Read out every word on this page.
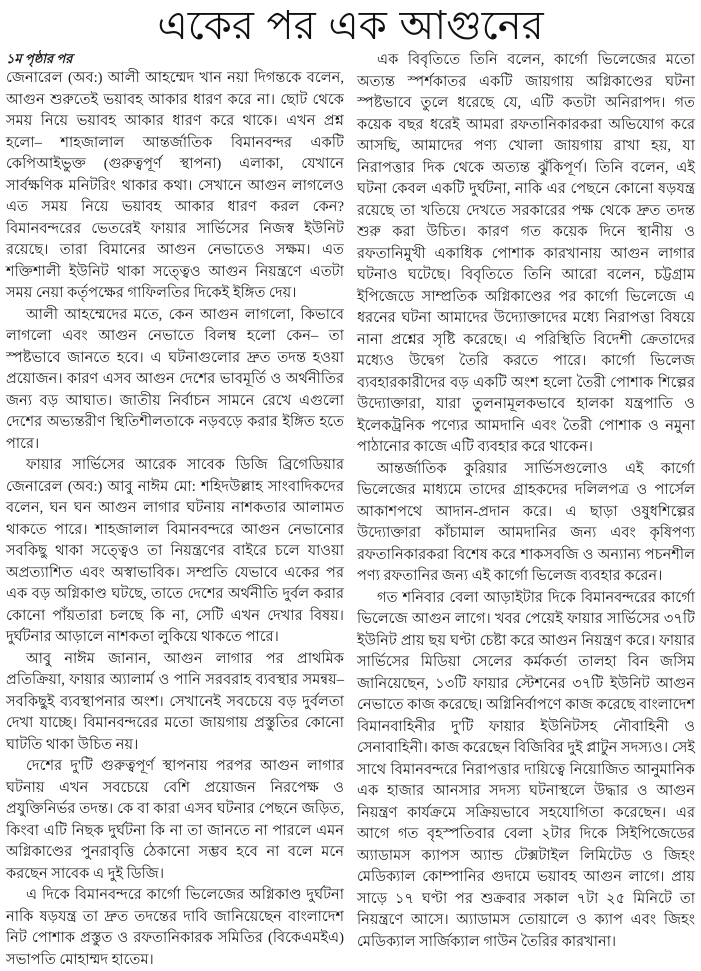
একের পর এক আগুনের
১ম পৃষ্ঠার পর

জেনারেল (অব:) আলী আহম্মেদ খান নয়া দিগন্তকে বলেন, আগুন শুরুতেই ভয়াবহ আকার ধারণ করে না। ছোট থেকে সময় নিয়ে ভয়াবহ আকার ধারণ করে থাকে। এখন প্রশ্ন হলো– শাহজালাল আন্তর্জাতিক বিমানবন্দর একটি কেপিআইভুক্ত (গুরুত্বপূর্ণ স্থাপনা) এলাকা, যেখানে সার্বক্ষণিক মনিটরিং থাকার কথা। সেখানে আগুন লাগলেও এত সময় নিয়ে ভয়াবহ আকার ধারণ করল কেন? বিমানবন্দরের ভেতরেই ফায়ার সার্ভিসের নিজস্ব ইউনিট রয়েছে। তারা বিমানের আগুন নেভাতেও সক্ষম। এত শক্তিশালী ইউনিট থাকা সত্ত্বেও আগুন নিয়ন্ত্রণে এতটা সময় নেয়া কর্তৃপক্ষের গাফিলতির দিকেই ইঙ্গিত দেয়।

আলী আহম্মেদের মতে, কেন আগুন লাগলো, কিভাবে লাগলো এবং আগুন নেভাতে বিলম্ব হলো কেন– তা স্পষ্টভাবে জানতে হবে। এ ঘটনাগুলোর দ্রুত তদন্ত হওয়া প্রয়োজন। কারণ এসব আগুন দেশের ভাবমূর্তি ও অর্থনীতির জন্য বড় আঘাত। জাতীয় নির্বাচন সামনে রেখে এগুলো দেশের অভ্যন্তরীণ স্থিতিশীলতাকে নড়বড়ে করার ইঙ্গিত হতে পারে।

ফায়ার সার্ভিসের আরেক সাবেক ডিজি ব্রিগেডিয়ার জেনারেল (অব:) আবু নাঈম মো: শহিদউল্লাহ সাংবাদিকদের বলেন, ঘন ঘন আগুন লাগার ঘটনায় নাশকতার আলামত থাকতে পারে। শাহজালাল বিমানবন্দরে আগুন নেভানোর সবকিছু থাকা সত্ত্বেও তা নিয়ন্ত্রণের বাইরে চলে যাওয়া অপ্রত্যাশিত এবং অস্বাভাবিক। সম্প্রতি যেভাবে একের পর এক বড় অগ্নিকাণ্ড ঘটছে, তাতে দেশের অর্থনীতি দুর্বল করার কোনো পাঁয়তারা চলছে কি না, সেটি এখন দেখার বিষয়। দুর্ঘটনার আড়ালে নাশকতা লুকিয়ে থাকতে পারে।

আবু নাঈম জানান, আগুন লাগার পর প্রাথমিক প্রতিক্রিয়া, ফায়ার অ্যালার্ম ও পানি সরবরাহ ব্যবস্থার সমন্বয়– সবকিছুই ব্যবস্থাপনার অংশ। সেখানেই সবচেয়ে বড় দুর্বলতা দেখা যাচ্ছে। বিমানবন্দরের মতো জায়গায় প্রস্তুতির কোনো ঘাটতি থাকা উচিত নয়।

দেশের দু'টি গুরুত্বপূর্ণ স্থাপনায় পরপর আগুন লাগার ঘটনায় এখন সবচেয়ে বেশি প্রয়োজন নিরপেক্ষ ও প্রযুক্তিনির্ভর তদন্ত। কে বা কারা এসব ঘটনার পেছনে জড়িত, কিংবা এটি নিছক দুর্ঘটনা কি না তা জানতে না পারলে এমন অগ্নিকাণ্ডের পুনরাবৃত্তি ঠেকানো সম্ভব হবে না বলে মনে করছেন সাবেক এ দুই ডিজি।

এ দিকে বিমানবন্দরে কার্গো ভিলেজের অগ্নিকাণ্ড দুর্ঘটনা নাকি ষড়যন্ত্র তা দ্রুত তদন্তের দাবি জানিয়েছেন বাংলাদেশ নিট পোশাক প্রস্তুত ও রফতানিকারক সমিতির (বিকেএমইএ) সভাপতি মোহাম্মদ হাতেম।

এক বিবৃতিতে তিনি বলেন, কার্গো ভিলেজের মতো অত্যন্ত স্পর্শকাতর একটি জায়গায় অগ্নিকাণ্ডের ঘটনা স্পষ্টভাবে তুলে ধরেছে যে, এটি কতটা অনিরাপদ। গত কয়েক বছর ধরেই আমরা রফতানিকারকরা অভিযোগ করে আসছি, আমাদের পণ্য খোলা জায়গায় রাখা হয়, যা নিরাপত্তার দিক থেকে অত্যন্ত ঝুঁকিপূর্ণ। তিনি বলেন, এই ঘটনা কেবল একটি দুর্ঘটনা, নাকি এর পেছনে কোনো ষড়যন্ত্র রয়েছে তা খতিয়ে দেখতে সরকারের পক্ষ থেকে দ্রুত তদন্ত শুরু করা উচিত। কারণ গত কয়েক দিনে স্থানীয় ও রফতানিমুখী একাধিক পোশাক কারখানায় আগুন লাগার ঘটনাও ঘটেছে। বিবৃতিতে তিনি আরো বলেন, চট্টগ্রাম ইপিজেডে সাম্প্রতিক অগ্নিকাণ্ডের পর কার্গো ভিলেজে এ ধরনের ঘটনা আমাদের উদ্যোক্তাদের মধ্যে নিরাপত্তা বিষয়ে নানা প্রশ্নের সৃষ্টি করেছে। এ পরিস্থিতি বিদেশী ক্রেতাদের মধ্যেও উদ্বেগ তৈরি করতে পারে। কার্গো ভিলেজ ব্যবহারকারীদের বড় একটি অংশ হলো তৈরী পোশাক শিল্পের উদ্যোক্তারা, যারা তুলনামূলকভাবে হালকা যন্ত্রপাতি ও ইলেকট্রনিক পণ্যের আমদানি এবং তৈরী পোশাক ও নমুনা পাঠানোর কাজে এটি ব্যবহার করে থাকেন।

আন্তর্জাতিক কুরিয়ার সার্ভিসগুলোও এই কার্গো ভিলেজের মাধ্যমে তাদের গ্রাহকদের দলিলপত্র ও পার্সেল আকাশপথে আদান-প্রদান করে। এ ছাড়া ওষুধশিল্পের উদ্যোক্তারা কাঁচামাল আমদানির জন্য এবং কৃষিপণ্য রফতানিকারকরা বিশেষ করে শাকসবজি ও অন্যান্য পচনশীল পণ্য রফতানির জন্য এই কার্গো ভিলেজ ব্যবহার করেন।

গত শনিবার বেলা আড়াইটার দিকে বিমানবন্দরের কার্গো ভিলেজে আগুন লাগে। খবর পেয়েই ফায়ার সার্ভিসের ৩৭টি ইউনিট প্রায় ছয় ঘণ্টা চেষ্টা করে আগুন নিয়ন্ত্রণ করে। ফায়ার সার্ভিসের মিডিয়া সেলের কর্মকর্তা তালহা বিন জসিম জানিয়েছেন, ১৩টি ফায়ার স্টেশনের ৩৭টি ইউনিট আগুন নেভাতে কাজ করেছে। অগ্নিনির্বাপণে কাজ করেছে বাংলাদেশ বিমানবাহিনীর দু'টি ফায়ার ইউনিটসহ নৌবাহিনী ও সেনাবাহিনী। কাজ করেছেন বিজিবির দুই প্লাটুন সদস্যও। সেই সাথে বিমানবন্দরে নিরাপত্তার দায়িত্বে নিয়োজিত আনুমানিক এক হাজার আনসার সদস্য ঘটনাস্থলে উদ্ধার ও আগুন নিয়ন্ত্রণ কার্যক্রমে সক্রিয়ভাবে সহযোগিতা করেছেন। এর আগে গত বৃহস্পতিবার বেলা ২টার দিকে সিইপিজেডের অ্যাডামস ক্যাপস অ্যান্ড টেক্সটাইল লিমিটেড ও জিহং মেডিক্যাল কোম্পানির গুদামে ভয়াবহ আগুন লাগে। প্রায় সাড়ে ১৭ ঘণ্টা পর শুক্রবার সকাল ৭টা ২৫ মিনিটে তা নিয়ন্ত্রণে আসে। অ্যাডামস তোয়ালে ও ক্যাপ এবং জিহং মেডিক্যাল সার্জিক্যাল গাউন তৈরির কারখানা।
